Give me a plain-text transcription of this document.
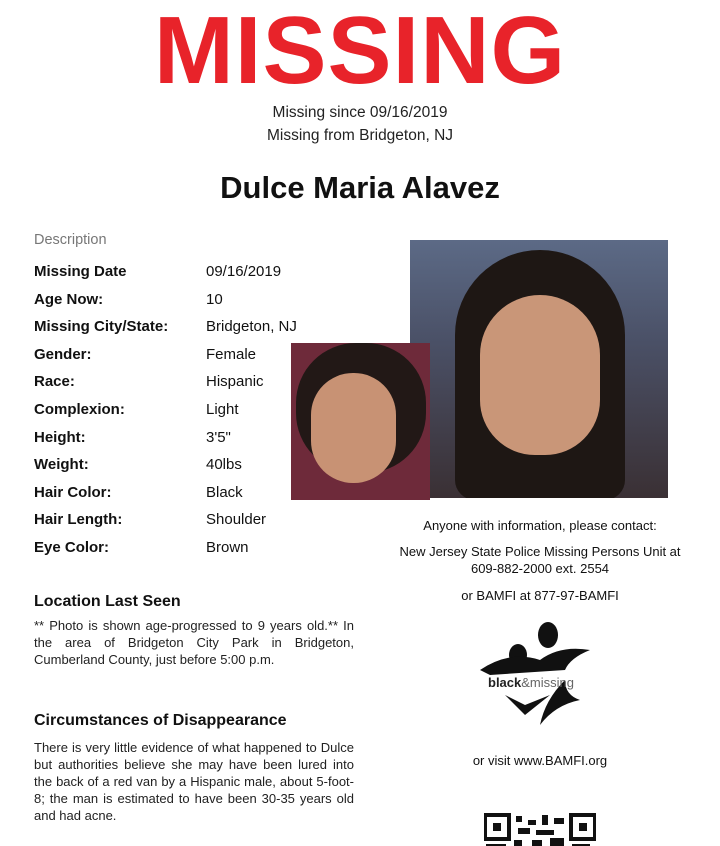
MISSING
Missing since 09/16/2019
Missing from Bridgeton, NJ
Dulce Maria Alavez
Description
Missing Date	09/16/2019
Age Now:	10
Missing City/State:	Bridgeton, NJ
Gender:	Female
Race:	Hispanic
Complexion:	Light
Height:	3'5"
Weight:	40lbs
Hair Color:	Black
Hair Length:	Shoulder
Eye Color:	Brown
Location Last Seen
** Photo is shown age-progressed to 9 years old.** In the area of Bridgeton City Park in Bridgeton, Cumberland County, just before 5:00 p.m.
Circumstances of Disappearance
There is very little evidence of what happened to Dulce but authorities believe she may have been lured into the back of a red van by a Hispanic male, about 5-foot-8; the man is estimated to have been 30-35 years old and had acne.
Anyone with information, please contact:
New Jersey State Police Missing Persons Unit at
609-882-2000 ext. 2554
or BAMFI at 877-97-BAMFI
black&missing
or visit www.BAMFI.org
